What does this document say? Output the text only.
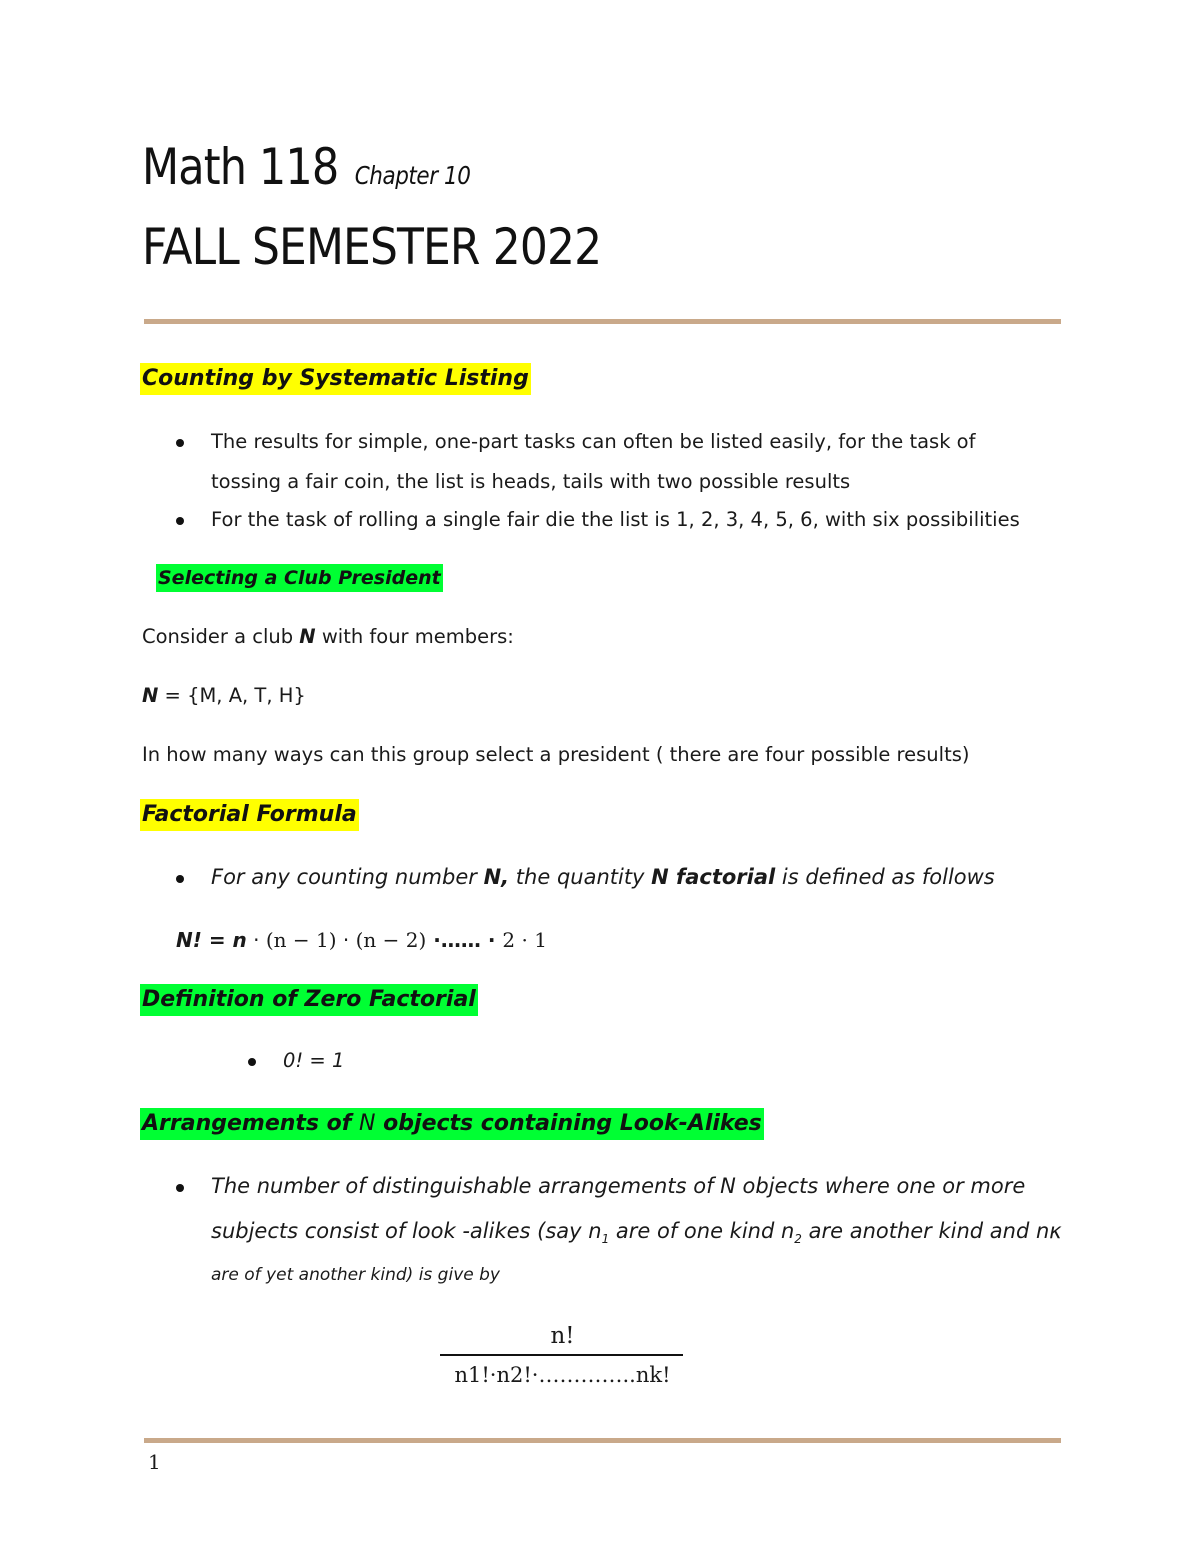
Math 118 Chapter 10
FALL SEMESTER 2022
Counting by Systematic Listing
The results for simple, one-part tasks can often be listed easily, for the task of
tossing a fair coin, the list is heads, tails with two possible results
For the task of rolling a single fair die the list is 1, 2, 3, 4, 5, 6, with six possibilities
Selecting a Club President
Consider a club N with four members:
N = {M, A, T, H}
In how many ways can this group select a president ( there are four possible results)
Factorial Formula
For any counting number N, the quantity N factorial is defined as follows
N! = n · (n − 1) · (n − 2) ·…… · 2 · 1
Definition of Zero Factorial
0! = 1
Arrangements of N objects containing Look-Alikes
The number of distinguishable arrangements of N objects where one or more
subjects consist of look -alikes (say $n_1$ are of one kind $n_2$ are another kind and nκ
are of yet another kind) is give by
n!
n1!·n2!·…………..nk!
1
